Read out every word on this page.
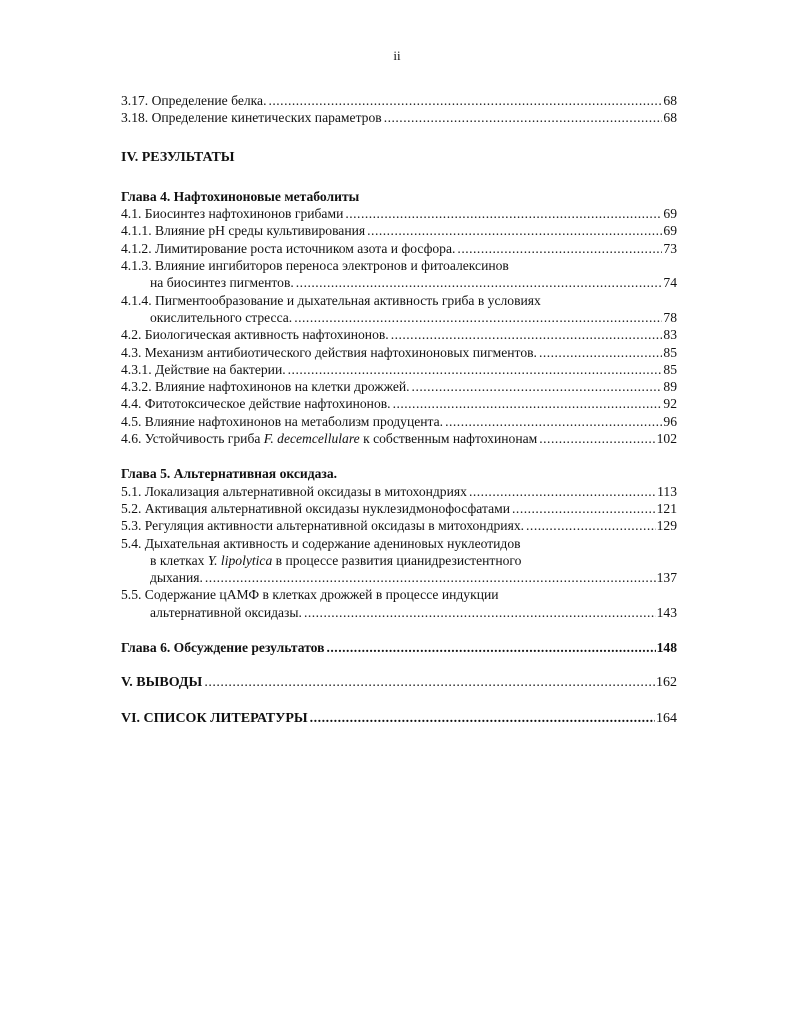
ii
3.17. Определение белка. .....	68
3.18. Определение кинетических параметров .....	68
IV. РЕЗУЛЬТАТЫ
Глава 4. Нафтохиноновые метаболиты
4.1. Биосинтез нафтохинонов грибами .....	69
4.1.1. Влияние pH среды культивирования .....	69
4.1.2. Лимитирование роста источником азота и фосфора. .....	73
4.1.3. Влияние ингибиторов переноса электронов и фитоалексинов
на биосинтез пигментов. .....	74
4.1.4. Пигментообразование и дыхательная активность гриба в условиях
окислительного стресса. .....	78
4.2. Биологическая активность нафтохинонов. .....	83
4.3. Механизм антибиотического действия нафтохиноновых пигментов. .....	85
4.3.1. Действие на бактерии. .....	85
4.3.2. Влияние нафтохинонов на клетки дрожжей. .....	89
4.4. Фитотоксическое действие нафтохинонов. .....	92
4.5. Влияние нафтохинонов на метаболизм продуцента. .....	96
4.6. Устойчивость гриба F. decemcellulare к собственным нафтохинонам .....	102
Глава 5. Альтернативная оксидаза.
5.1. Локализация альтернативной оксидазы в митохондриях .....	113
5.2. Активация альтернативной оксидазы нуклезидмонофосфатами .....	121
5.3. Регуляция активности альтернативной оксидазы в митохондриях. .....	129
5.4. Дыхательная активность и содержание адениновых нуклеотидов
в клетках Y. lipolytica в процессе развития цианидрезистентного
дыхания. .....	137
5.5. Содержание цАМФ в клетках дрожжей в процессе индукции
альтернативной оксидазы. .....	143
Глава 6. Обсуждение результатов .....	148
V. ВЫВОДЫ .....	162
VI. СПИСОК ЛИТЕРАТУРЫ .....	164
